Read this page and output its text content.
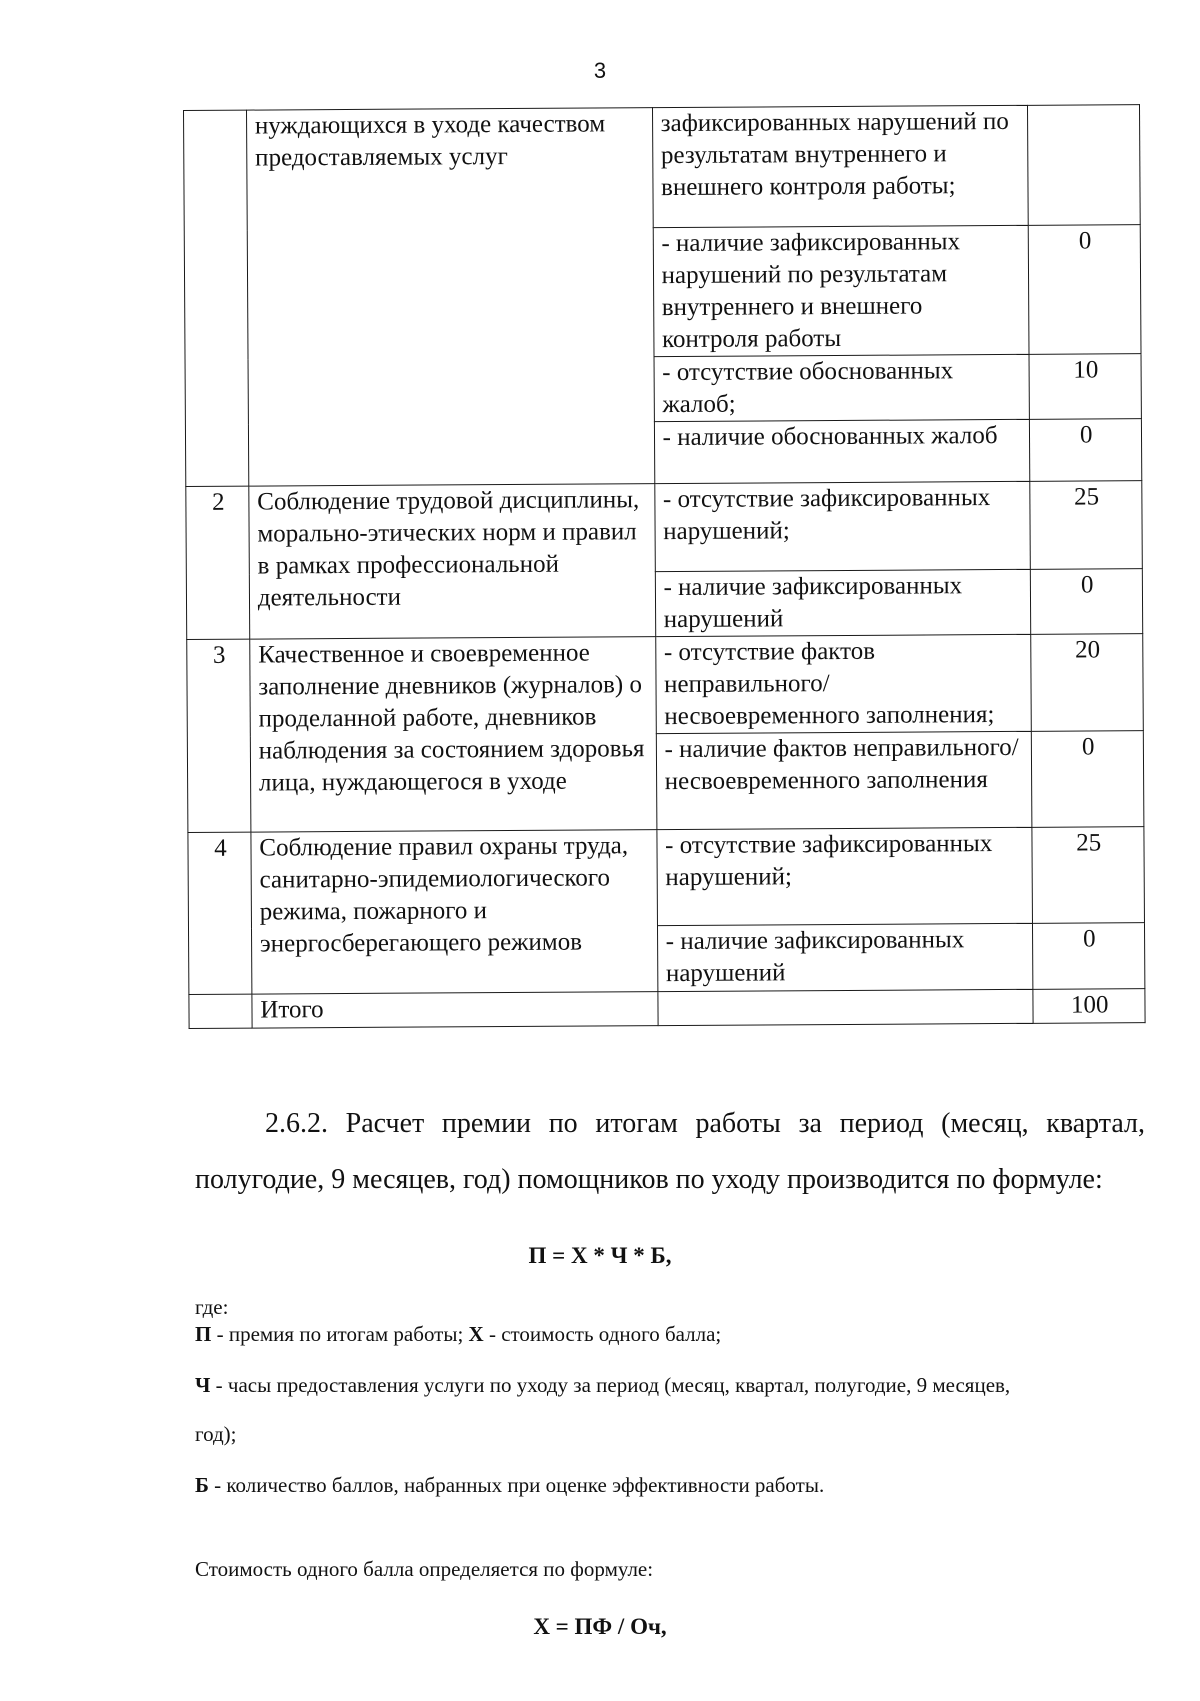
3
	нуждающихся в уходе качеством предоставляемых услуг	зафиксированных нарушений по результатам внутреннего и внешнего контроля работы;	
		- наличие зафиксированных нарушений по результатам внутреннего и внешнего контроля работы	0
		- отсутствие обоснованных жалоб;	10
		- наличие обоснованных жалоб	0
2	Соблюдение трудовой дисциплины, морально-этических норм и правил в рамках профессиональной деятельности	- отсутствие зафиксированных нарушений;	25
		- наличие зафиксированных нарушений	0
3	Качественное и своевременное заполнение дневников (журналов) о проделанной работе, дневников наблюдения за состоянием здоровья лица, нуждающегося в уходе	- отсутствие фактов неправильного/несвоевременного заполнения;	20
		- наличие фактов неправильного/несвоевременного заполнения	0
4	Соблюдение правил охраны труда, санитарно-эпидемиологического режима, пожарного и энергосберегающего режимов	- отсутствие зафиксированных нарушений;	25
		- наличие зафиксированных нарушений	0
	Итого		100
2.6.2. Расчет премии по итогам работы за период (месяц, квартал, полугодие, 9 месяцев, год) помощников по уходу производится по формуле:
П = Х * Ч * Б,
где:
П - премия по итогам работы; Х - стоимость одного балла;
Ч - часы предоставления услуги по уходу за период (месяц, квартал, полугодие, 9 месяцев,
год);
Б - количество баллов, набранных при оценке эффективности работы.
Стоимость одного балла определяется по формуле:
Х = ПФ / Оч,
